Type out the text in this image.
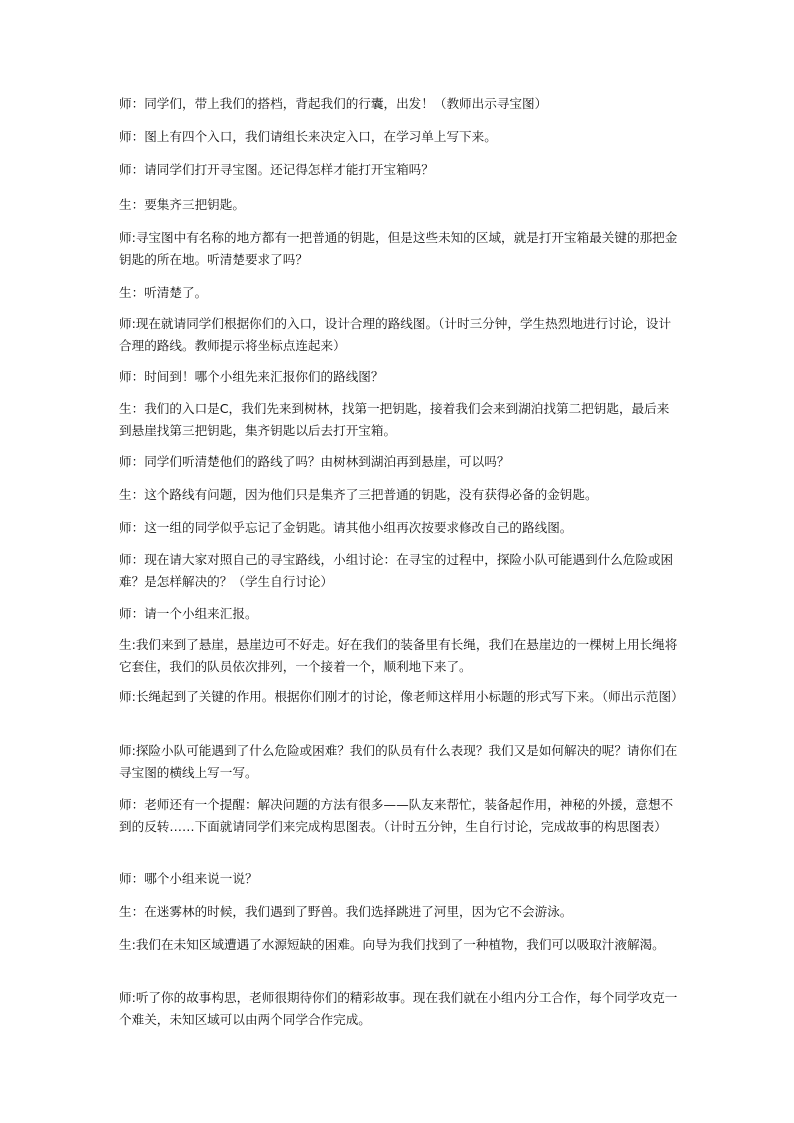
师：同学们，带上我们的搭档，背起我们的行囊，出发！（教师出示寻宝图）

师：图上有四个入口，我们请组长来决定入口，在学习单上写下来。

师：请同学们打开寻宝图。还记得怎样才能打开宝箱吗？

生：要集齐三把钥匙。

师:寻宝图中有名称的地方都有一把普通的钥匙，但是这些未知的区域，就是打开宝箱最关键的那把金钥匙的所在地。听清楚要求了吗？

生：听清楚了。

师:现在就请同学们根据你们的入口，设计合理的路线图。（计时三分钟，学生热烈地进行讨论，设计合理的路线。教师提示将坐标点连起来）

师：时间到！哪个小组先来汇报你们的路线图？

生：我们的入口是C，我们先来到树林，找第一把钥匙，接着我们会来到湖泊找第二把钥匙，最后来到悬崖找第三把钥匙，集齐钥匙以后去打开宝箱。

师：同学们听清楚他们的路线了吗？由树林到湖泊再到悬崖，可以吗？

生：这个路线有问题，因为他们只是集齐了三把普通的钥匙，没有获得必备的金钥匙。

师：这一组的同学似乎忘记了金钥匙。请其他小组再次按要求修改自己的路线图。

师：现在请大家对照自己的寻宝路线，小组讨论：在寻宝的过程中，探险小队可能遇到什么危险或困难？是怎样解决的？（学生自行讨论）

师：请一个小组来汇报。

生:我们来到了悬崖，悬崖边可不好走。好在我们的装备里有长绳，我们在悬崖边的一棵树上用长绳将它套住，我们的队员依次排列，一个接着一个，顺利地下来了。

师:长绳起到了关键的作用。根据你们刚才的讨论，像老师这样用小标题的形式写下来。（师出示范图）

师:探险小队可能遇到了什么危险或困难？我们的队员有什么表现？我们又是如何解决的呢？请你们在寻宝图的横线上写一写。

师：老师还有一个提醒：解决问题的方法有很多——队友来帮忙，装备起作用，神秘的外援，意想不到的反转……下面就请同学们来完成构思图表。（计时五分钟，生自行讨论，完成故事的构思图表）

师：哪个小组来说一说？

生：在迷雾林的时候，我们遇到了野兽。我们选择跳进了河里，因为它不会游泳。

生:我们在未知区域遭遇了水源短缺的困难。向导为我们找到了一种植物，我们可以吸取汁液解渴。

师:听了你的故事构思，老师很期待你们的精彩故事。现在我们就在小组内分工合作，每个同学攻克一个难关，未知区域可以由两个同学合作完成。
